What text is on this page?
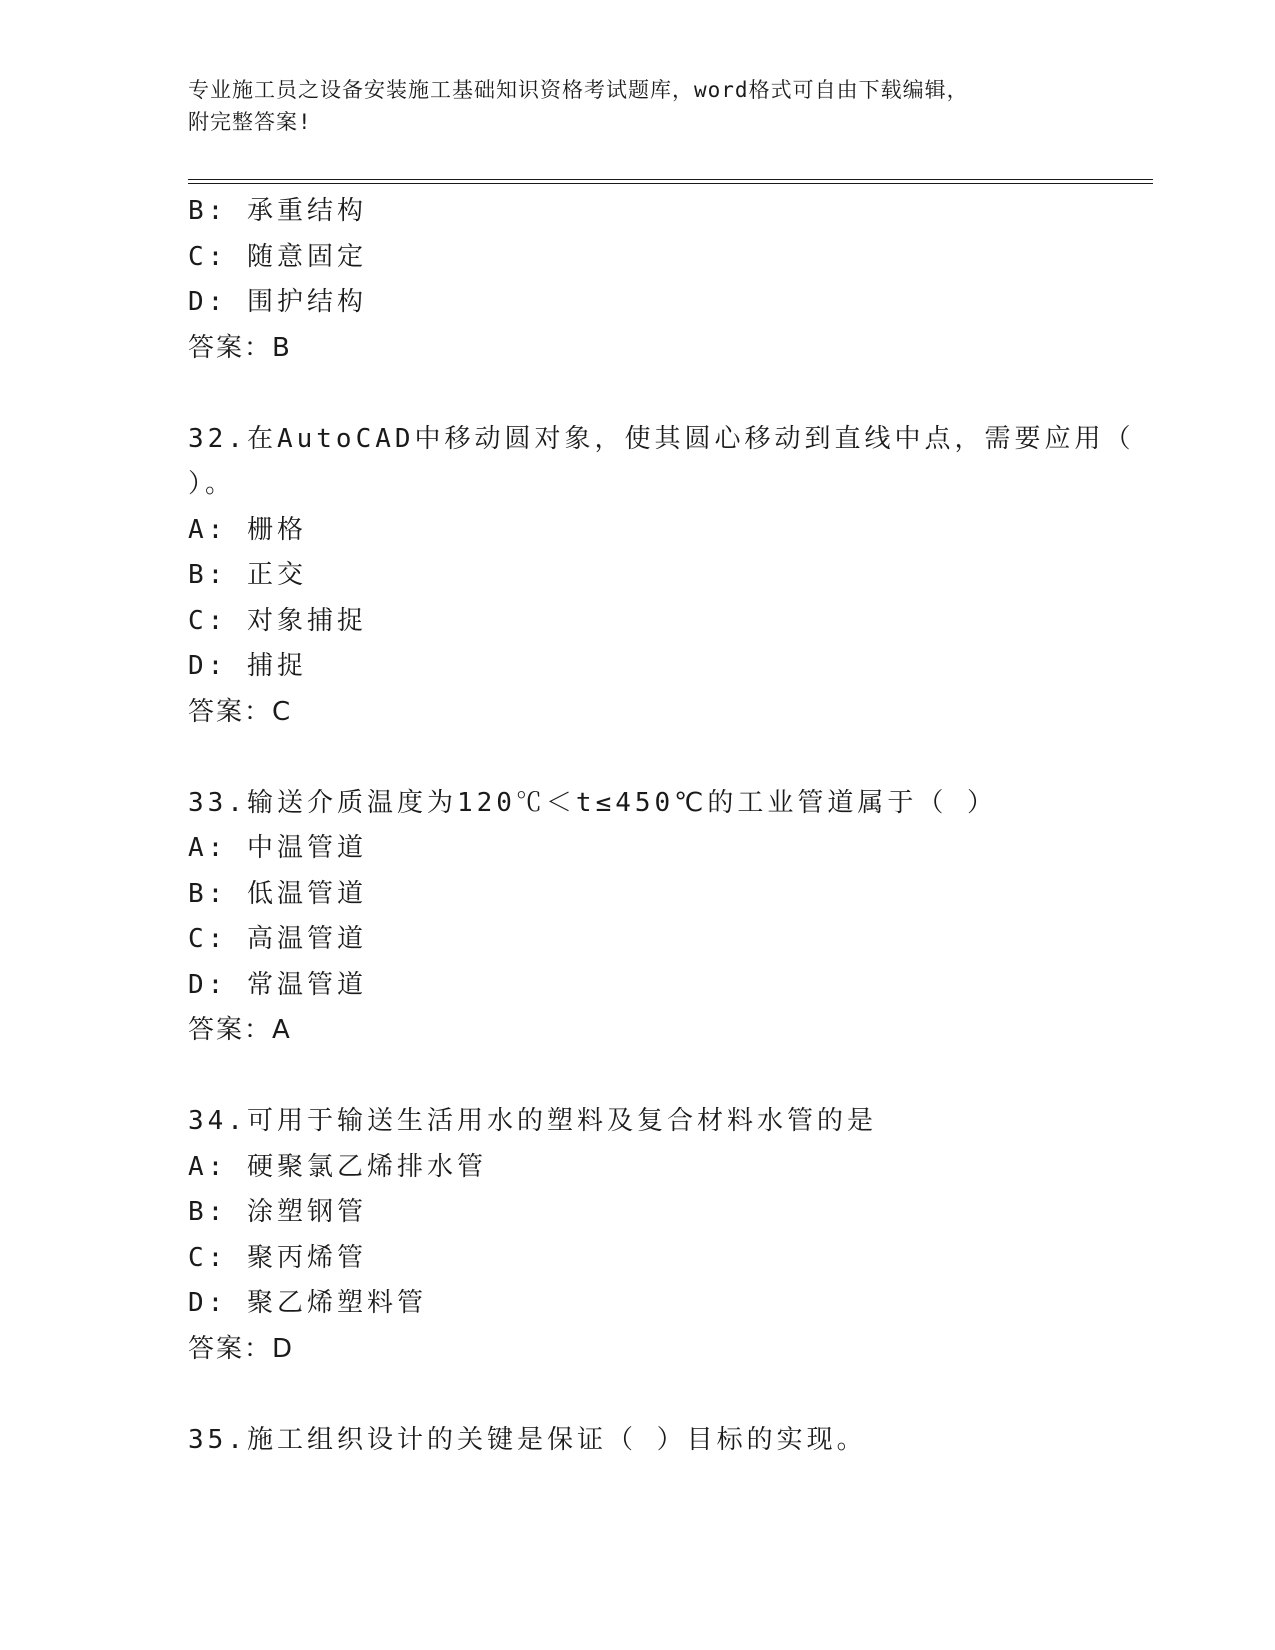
专业施工员之设备安装施工基础知识资格考试题库，word格式可自由下载编辑，
附完整答案!
B: 承重结构
C: 随意固定
D: 围护结构
答案：B
32.在AutoCAD中移动圆对象，使其圆心移动到直线中点，需要应用（
）。
A: 栅格
B: 正交
C: 对象捕捉
D: 捕捉
答案：C
33.输送介质温度为120℃＜t≤450℃的工业管道属于（ ）
A: 中温管道
B: 低温管道
C: 高温管道
D: 常温管道
答案：A
34.可用于输送生活用水的塑料及复合材料水管的是
A: 硬聚氯乙烯排水管
B: 涂塑钢管
C: 聚丙烯管
D: 聚乙烯塑料管
答案：D
35.施工组织设计的关键是保证（ ）目标的实现。
